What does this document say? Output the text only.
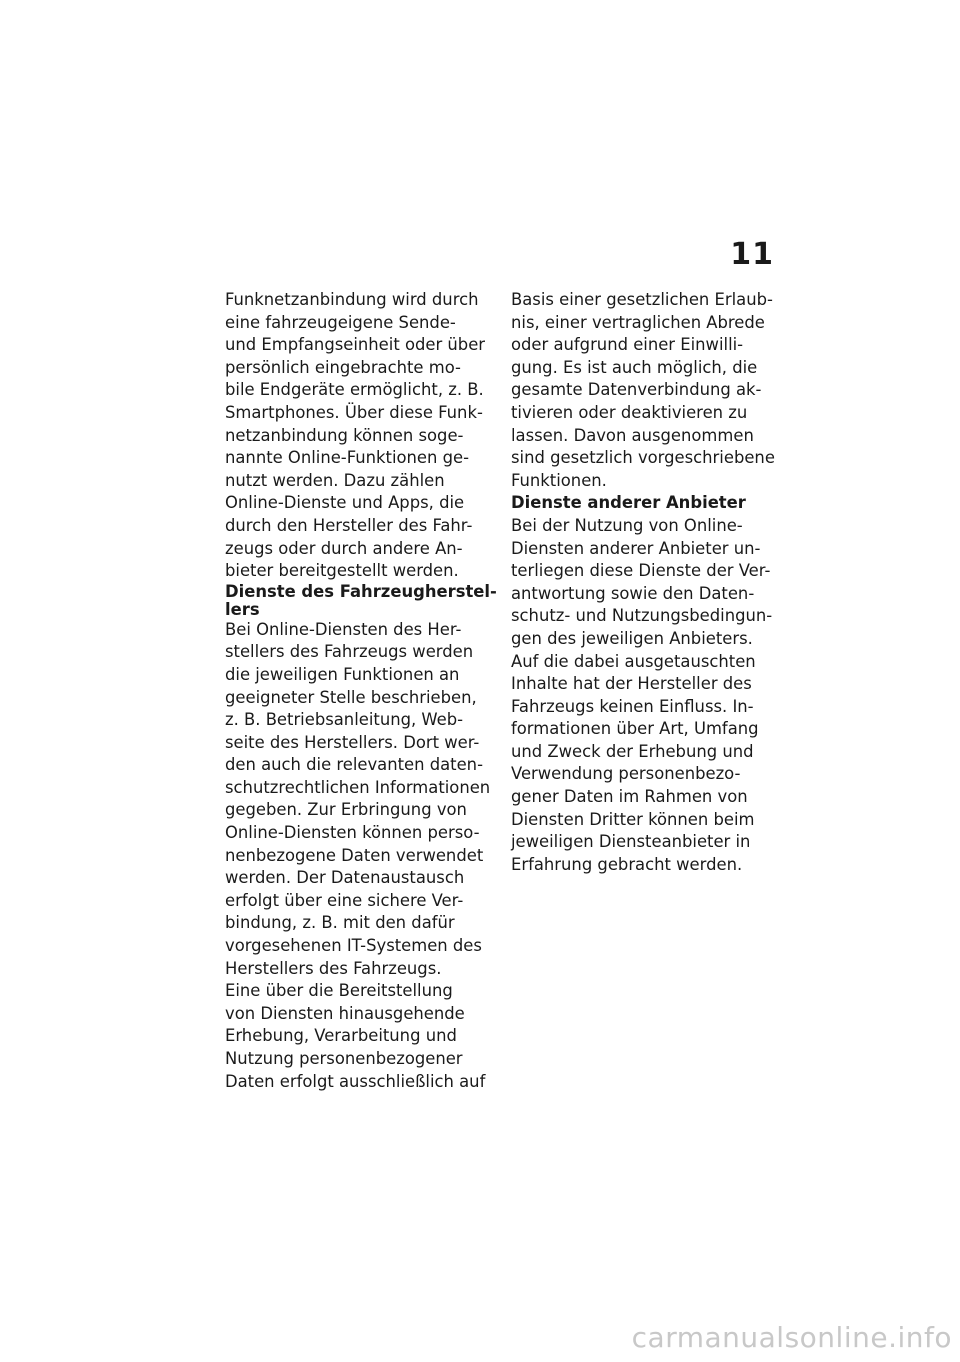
11
Funknetzanbindung wird durch
eine fahrzeugeigene Sende-
und Empfangseinheit oder über
persönlich eingebrachte mo-
bile Endgeräte ermöglicht, z. B.
Smartphones. Über diese Funk-
netzanbindung können soge-
nannte Online-Funktionen ge-
nutzt werden. Dazu zählen
Online-Dienste und Apps, die
durch den Hersteller des Fahr-
zeugs oder durch andere An-
bieter bereitgestellt werden.
Dienste des Fahrzeugherstel-
lers
Bei Online-Diensten des Her-
stellers des Fahrzeugs werden
die jeweiligen Funktionen an
geeigneter Stelle beschrieben,
z. B. Betriebsanleitung, Web-
seite des Herstellers. Dort wer-
den auch die relevanten daten-
schutzrechtlichen Informationen
gegeben. Zur Erbringung von
Online-Diensten können perso-
nenbezogene Daten verwendet
werden. Der Datenaustausch
erfolgt über eine sichere Ver-
bindung, z. B. mit den dafür
vorgesehenen IT-Systemen des
Herstellers des Fahrzeugs.
Eine über die Bereitstellung
von Diensten hinausgehende
Erhebung, Verarbeitung und
Nutzung personenbezogener
Daten erfolgt ausschließlich auf
Basis einer gesetzlichen Erlaub-
nis, einer vertraglichen Abrede
oder aufgrund einer Einwilli-
gung. Es ist auch möglich, die
gesamte Datenverbindung ak-
tivieren oder deaktivieren zu
lassen. Davon ausgenommen
sind gesetzlich vorgeschriebene
Funktionen.
Dienste anderer Anbieter
Bei der Nutzung von Online-
Diensten anderer Anbieter un-
terliegen diese Dienste der Ver-
antwortung sowie den Daten-
schutz- und Nutzungsbedingun-
gen des jeweiligen Anbieters.
Auf die dabei ausgetauschten
Inhalte hat der Hersteller des
Fahrzeugs keinen Einfluss. In-
formationen über Art, Umfang
und Zweck der Erhebung und
Verwendung personenbezo-
gener Daten im Rahmen von
Diensten Dritter können beim
jeweiligen Diensteanbieter in
Erfahrung gebracht werden.
carmanualsonline.info
